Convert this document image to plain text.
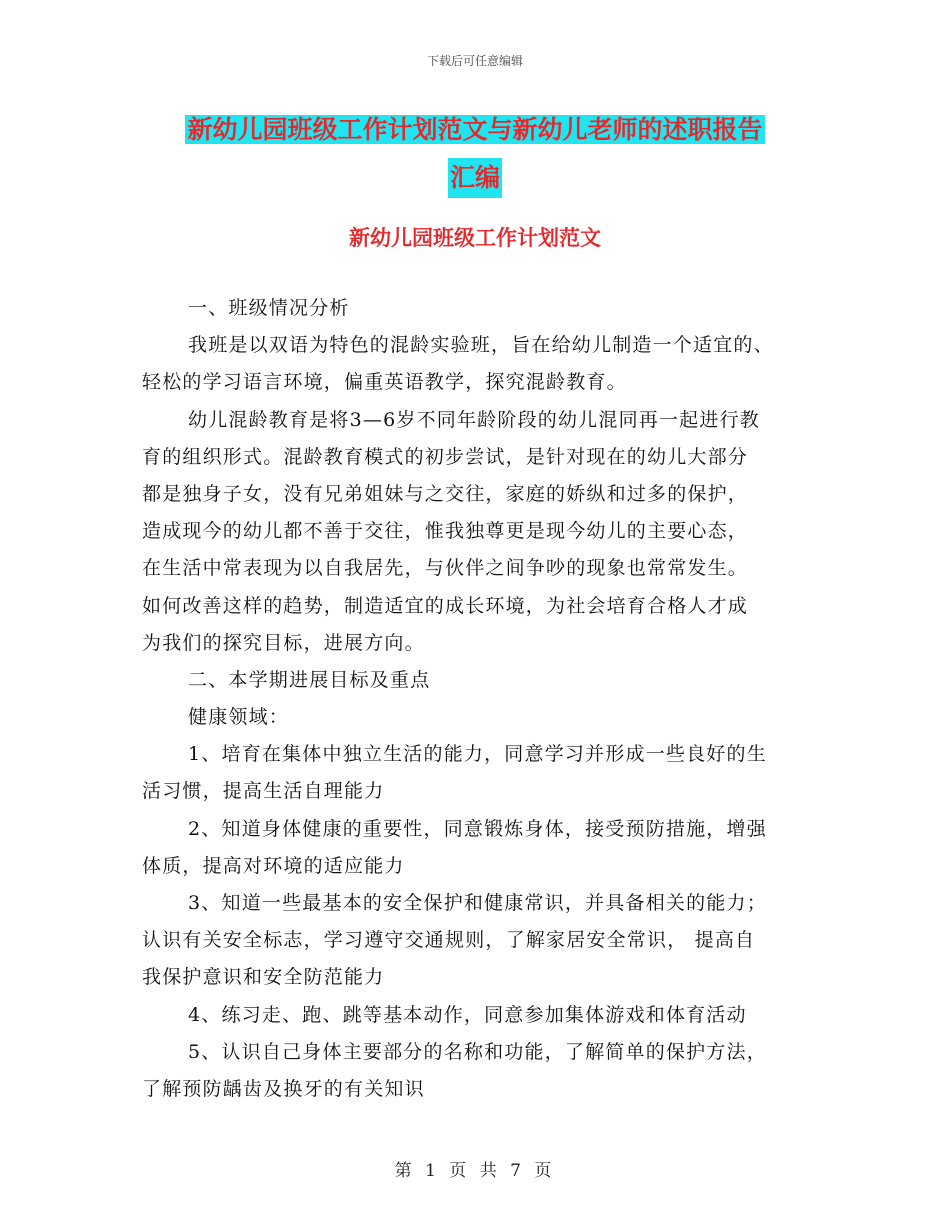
下载后可任意编辑
新幼儿园班级工作计划范文与新幼儿老师的述职报告
汇编
新幼儿园班级工作计划范文
一、班级情况分析
我班是以双语为特色的混龄实验班，旨在给幼儿制造一个适宜的、
轻松的学习语言环境，偏重英语教学，探究混龄教育。
幼儿混龄教育是将3—6岁不同年龄阶段的幼儿混同再一起进行教
育的组织形式。混龄教育模式的初步尝试，是针对现在的幼儿大部分
都是独身子女，没有兄弟姐妹与之交往，家庭的娇纵和过多的保护，
造成现今的幼儿都不善于交往，惟我独尊更是现今幼儿的主要心态，
在生活中常表现为以自我居先，与伙伴之间争吵的现象也常常发生。
如何改善这样的趋势，制造适宜的成长环境，为社会培育合格人才成
为我们的探究目标，进展方向。
二、本学期进展目标及重点
健康领域：
1、培育在集体中独立生活的能力，同意学习并形成一些良好的生
活习惯，提高生活自理能力
2、知道身体健康的重要性，同意锻炼身体，接受预防措施，增强
体质，提高对环境的适应能力
3、知道一些最基本的安全保护和健康常识，并具备相关的能力；
认识有关安全标志，学习遵守交通规则，了解家居安全常识， 提高自
我保护意识和安全防范能力
4、练习走、跑、跳等基本动作，同意参加集体游戏和体育活动
5、认识自己身体主要部分的名称和功能，了解简单的保护方法，
了解预防龋齿及换牙的有关知识
第 1 页 共 7 页
